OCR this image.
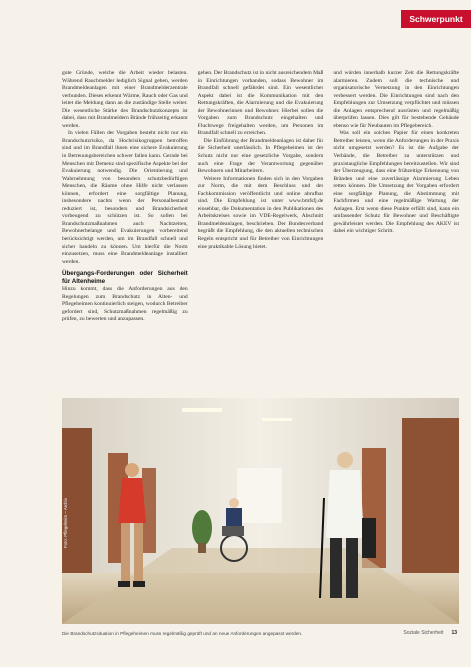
Schwerpunkt

gute Gründe, welche die Arbeit wieder belasten. Während Rauchmelder lediglich Signal geben, werden Brandmeldeanlagen mit einer Brandmelderzentrale verbunden. Dieses erkennt Wärme, Rauch oder Gas und leitet die Meldung dann an die zuständige Stelle weiter. Die wesentliche Stärke des Brandschutzkonzepts ist dabei, dass mit Brandmeldern Brände frühzeitig erkannt werden.

In vielen Fällen der Vorgaben besteht nicht nur ein Brandschutzrisiko, da Hochrisikogruppen betroffen sind und im Brandfall ihnen eine sichere Evakuierung in Betreuungsbereichen schwer fallen kann. Gerade bei Menschen mit Demenz sind spezifische Aspekte bei der Evakuierung notwendig. Die Orientierung und Wahrnehmung von besonders schutzbedürftigen Menschen, die Räume ohne Hilfe nicht verlassen können, erfordert eine sorgfältige Planung, insbesondere nachts wenn der Personalbestand reduziert ist, besonders und Brandsicherheit vorbeugend zu schützen ist. So sollen bei Brandschutzmaßnahmen auch Nachtzeiten, Bewohnerbelange und Evakuierungen vorbereitend berücksichtigt werden, um im Brandfall schnell und sicher handeln zu können. Um hierfür die Norm einzusetzen, muss eine Brandmeldeanlage installiert werden.

Übergangs-Forderungen oder Sicherheit für Altenheime

Hinzu kommt, dass die Anforderungen aus den Regelungen zum Brandschutz in Alten- und Pflegeheimen kontinuierlich steigen, wodurch Betreiber gefordert sind, Schutzmaßnahmen regelmäßig zu prüfen, zu bewerten und anzupassen.

gehen. Der Brandschutz ist in nicht ausreichendem Maß in Einrichtungen vorhanden, sodass Bewohner im Brandfall schnell gefährdet sind. Ein wesentlicher Aspekt dabei ist die Kommunikation mit den Rettungskräften, die Alarmierung und die Evakuierung der Bewohnerinnen und Bewohner. Hierbei sollen die Vorgaben zum Brandschutz eingehalten und Fluchtwege freigehalten werden, um Personen im Brandfall schnell zu erreichen.

Die Einführung der Brandmeldeanlagen ist daher für die Sicherheit unerlässlich. In Pflegeheimen ist der Schutz nicht nur eine gesetzliche Vorgabe, sondern auch eine Frage der Verantwortung gegenüber Bewohnern und Mitarbeitern.

Weitere Informationen finden sich in den Vorgaben zur Norm, die mit dem Beschluss und der Fachkommission veröffentlicht und online abrufbar sind. Die Empfehlung ist unter www.bmfsfj.de einsehbar, die Dokumentation in den Publikationen des Arbeitskreises sowie im VDE-Regelwerk, Abschnitt Brandmeldeanlagen, beschrieben. Der Bundesverband begrüßt die Empfehlung, die den aktuellen technischen Regeln entspricht und für Betreiber von Einrichtungen eine praktikable Lösung bietet.

und würden innerhalb kurzer Zeit die Rettungskräfte alarmieren. Zudem soll die technische und organisatorische Vernetzung in den Einrichtungen verbessert werden. Die Einrichtungen sind nach den Empfehlungen zur Umsetzung verpflichtet und müssen die Anlagen entsprechend ausrüsten und regelmäßig überprüfen lassen. Dies gilt für bestehende Gebäude ebenso wie für Neubauten im Pflegebereich.

Was soll ein solches Papier für einen konkreten Betreiber leisten, wenn die Anforderungen in der Praxis nicht umgesetzt werden? Es ist die Aufgabe der Verbände, die Betreiber zu unterstützen und praxistaugliche Empfehlungen bereitzustellen. Wir sind der Überzeugung, dass eine frühzeitige Erkennung von Bränden und eine zuverlässige Alarmierung Leben retten können. Die Umsetzung der Vorgaben erfordert eine sorgfältige Planung, die Abstimmung mit Fachfirmen und eine regelmäßige Wartung der Anlagen. Erst wenn diese Punkte erfüllt sind, kann ein umfassender Schutz für Bewohner und Beschäftigte gewährleistet werden. Die Empfehlung des AKEV ist dabei ein wichtiger Schritt.

Foto: Pflegeheim – Archiv
Die Brandschutzsituation in Pflegeheimen muss regelmäßig geprüft und an neue Anforderungen angepasst werden.	Soziale Sicherheit 13
